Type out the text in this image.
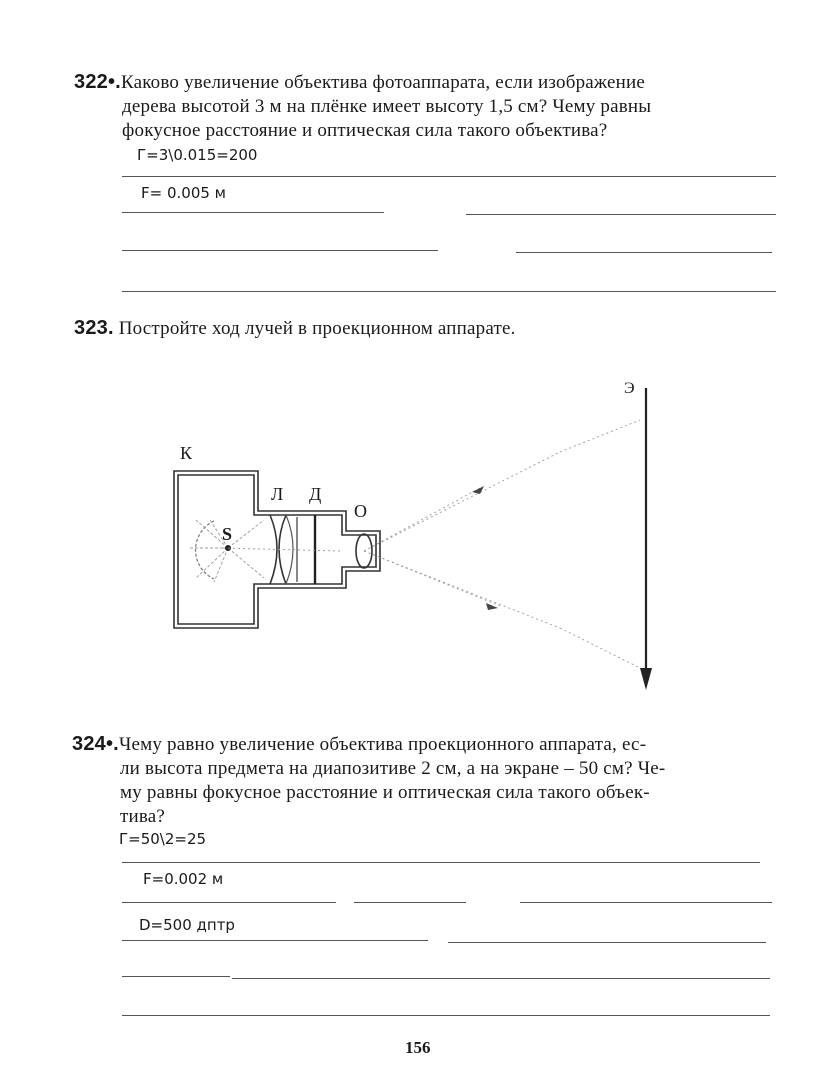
322•.Каково увеличение объектива фотоаппарата, если изображение
дерева высотой 3 м на плёнке имеет высоту 1,5 см? Чему равны
фокусное расстояние и оптическая сила такого объектива?
Г=3\0.015=200
F= 0.005 м
323. Постройте ход лучей в проекционном аппарате.
К
Л Д
О
S
Э
324•.Чему равно увеличение объектива проекционного аппарата, ес-
ли высота предмета на диапозитиве 2 см, а на экране – 50 см? Че-
му равны фокусное расстояние и оптическая сила такого объек-
тива?
Г=50\2=25
F=0.002 м
D=500 дптр
156
